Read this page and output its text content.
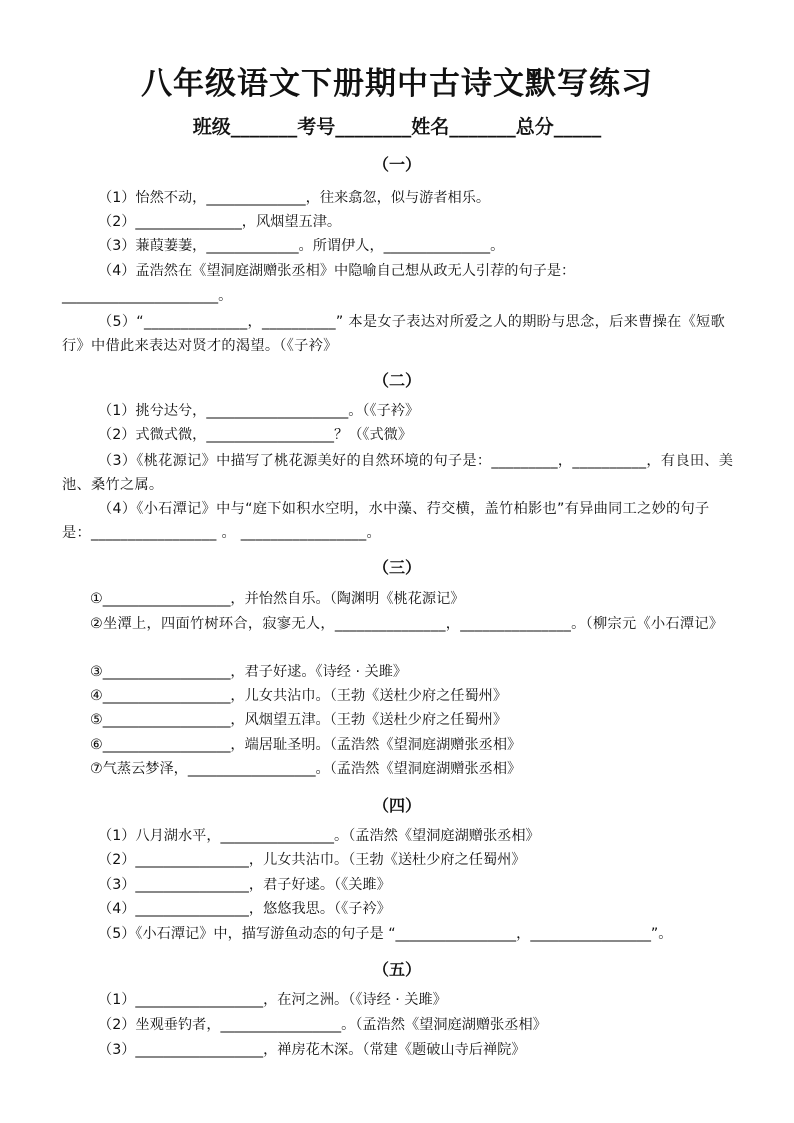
八年级语文下册期中古诗文默写练习
班级_______考号________姓名_______总分_____
（一）
（1）怡然不动，______________，往来翕忽，似与游者相乐。
（2）_______________，风烟望五津。
（3）蒹葭萋萋，_____________。所谓伊人，_______________。
（4）孟浩然在《望洞庭湖赠张丞相》中隐喻自己想从政无人引荐的句子是：
______________________。
（5）“______________，__________” 本是女子表达对所爱之人的期盼与思念，后来曹操在《短歌行》中借此来表达对贤才的渴望。（《子衿》
（二）
（1）挑兮达兮，____________________。（《子衿》
（2）式微式微，__________________？（《式微》
（3）《桃花源记》中描写了桃花源美好的自然环境的句子是：_________，__________，有良田、美池、桑竹之属。
（4）《小石潭记》中与“庭下如积水空明，水中藻、荇交横，盖竹柏影也”有异曲同工之妙的句子是：_________________ 。 _________________。
（三）
①__________________，并怡然自乐。（陶渊明《桃花源记》
②坐潭上，四面竹树环合，寂寥无人，_______________，_______________。（柳宗元《小石潭记》
③__________________，君子好逑。《诗经 · 关雎》
④__________________，儿女共沾巾。（王勃《送杜少府之任蜀州》
⑤__________________，风烟望五津。（王勃《送杜少府之任蜀州》
⑥__________________，端居耻圣明。（孟浩然《望洞庭湖赠张丞相》
⑦气蒸云梦泽，__________________。（孟浩然《望洞庭湖赠张丞相》
（四）
（1）八月湖水平，________________。（孟浩然《望洞庭湖赠张丞相》
（2）________________，儿女共沾巾。（王勃《送杜少府之任蜀州》
（3）________________，君子好逑。（《关雎》
（4）________________，悠悠我思。（《子衿》
（5）《小石潭记》中，描写游鱼动态的句子是 “_________________，_________________”。
（五）
（1）__________________，在河之洲。（《诗经 · 关雎》
（2）坐观垂钓者，_________________。（孟浩然《望洞庭湖赠张丞相》
（3）__________________，禅房花木深。（常建《题破山寺后禅院》
